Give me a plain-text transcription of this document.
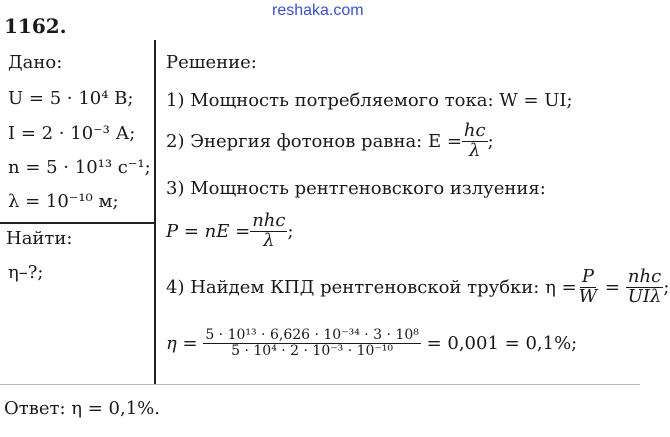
1162.
reshaka.com
Дано:
U = 5 · 10⁴ В;
I = 2 · 10⁻³ А;
n = 5 · 10¹³ с⁻¹;
λ = 10⁻¹⁰ м;
Найти:
η–?;
Решение:
1) Мощность потребляемого тока: W = UI;
2) Энергия фотонов равна: $E = \frac{hc}{\lambda}$ ;
3) Мощность рентгеновского излуения:
P = nE = $\frac{\text{nhc}}{\lambda}$ ;
4) Найдем КПД рентгеновской трубки: $\eta = \frac{P}{W} = \frac{\text{nhc}}{\text{UIλ}}$ ;
$\eta = \frac{\text{5 · 10¹³ · 6,626 · 10⁻³⁴ · 3 · 10⁸}}{\text{5 · 10⁴ · 2 · 10⁻³ · 10⁻¹⁰}} = 0,001 = 0,1\%$;
Ответ: η = 0,1%.
